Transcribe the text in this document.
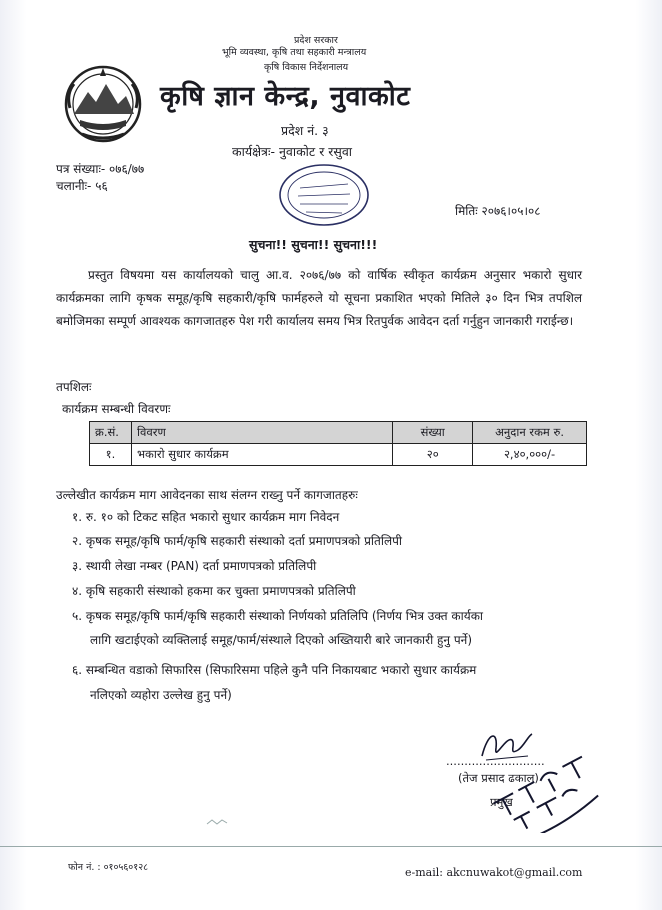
प्रदेश सरकार
भूमि व्यवस्था, कृषि तथा सहकारी मन्त्रालय
कृषि विकास निर्देशनालय
कृषि ज्ञान केन्द्र, नुवाकोट
प्रदेश नं. ३
कार्यक्षेत्रः- नुवाकोट र रसुवा
पत्र संख्याः- ०७६/७७
चलानीः- ५६
मितिः २०७६।०५।०८
सुचना!! सुचना!! सुचना!!!
प्रस्तुत विषयमा यस कार्यालयको चालु आ.व. २०७६/७७ को वार्षिक स्वीकृत कार्यक्रम अनुसार भकारो सुधार कार्यक्रमका लागि कृषक समूह/कृषि सहकारी/कृषि फार्महरुले यो सूचना प्रकाशित भएको मितिले ३० दिन भित्र तपशिल बमोजिमका सम्पूर्ण आवश्यक कागजातहरु पेश गरी कार्यालय समय भित्र रितपुर्वक आवेदन दर्ता गर्नुहुन जानकारी गराईन्छ।
तपशिलः
कार्यक्रम सम्बन्धी विवरणः
क्र.सं.	विवरण	संख्या	अनुदान रकम रु.
१.	भकारो सुधार कार्यक्रम	२०	२,४०,०००/-
उल्लेखीत कार्यक्रम माग आवेदनका साथ संलग्न राख्नु पर्ने कागजातहरुः
१. रु. १० को टिकट सहित भकारो सुधार कार्यक्रम माग निवेदन
२. कृषक समूह/कृषि फार्म/कृषि सहकारी संस्थाको दर्ता प्रमाणपत्रको प्रतिलिपी
३. स्थायी लेखा नम्बर (PAN) दर्ता प्रमाणपत्रको प्रतिलिपी
४. कृषि सहकारी संस्थाको हकमा कर चुक्ता प्रमाणपत्रको प्रतिलिपी
५. कृषक समूह/कृषि फार्म/कृषि सहकारी संस्थाको निर्णयको प्रतिलिपि (निर्णय भित्र उक्त कार्यका
लागि खटाईएको व्यक्तिलाई समूह/फार्म/संस्थाले दिएको अख्तियारी बारे जानकारी हुनु पर्ने)
६. सम्बन्धित वडाको सिफारिस (सिफारिसमा पहिले कुनै पनि निकायबाट भकारो सुधार कार्यक्रम
नलिएको व्यहोरा उल्लेख हुनु पर्ने)
...........................
(तेज प्रसाद ढकाल)
प्रमुख
फोन नं. : ०१०५६०१२८	e-mail: akcnuwakot@gmail.com
